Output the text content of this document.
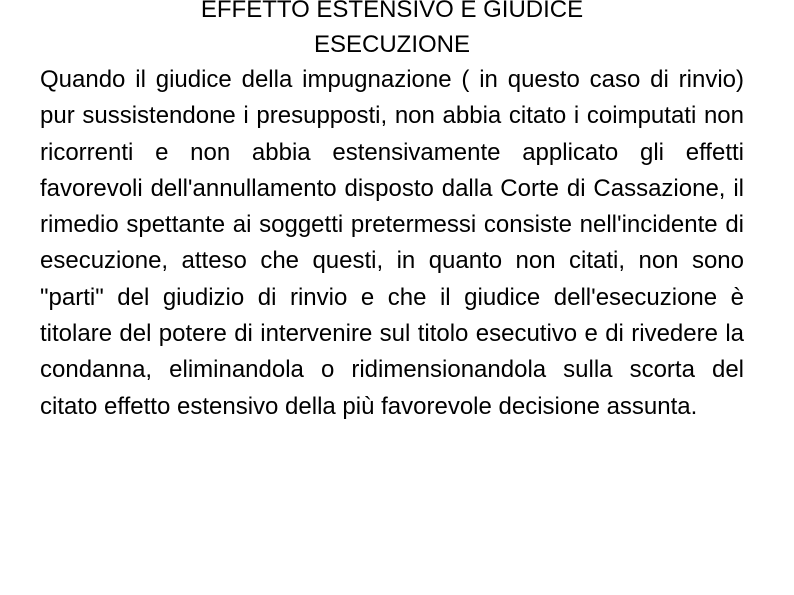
EFFETTO ESTENSIVO E GIUDICE
ESECUZIONE

Quando il giudice della impugnazione ( in questo caso di rinvio) pur sussistendone i presupposti, non abbia citato i coimputati non ricorrenti e non abbia estensivamente applicato gli effetti favorevoli dell'annullamento disposto dalla Corte di Cassazione, il rimedio spettante ai soggetti pretermessi consiste nell'incidente di esecuzione, atteso che questi, in quanto non citati, non sono "parti" del giudizio di rinvio e che il giudice dell'esecuzione è titolare del potere di intervenire sul titolo esecutivo e di rivedere la condanna, eliminandola o ridimensionandola sulla scorta del citato effetto estensivo della più favorevole decisione assunta.
